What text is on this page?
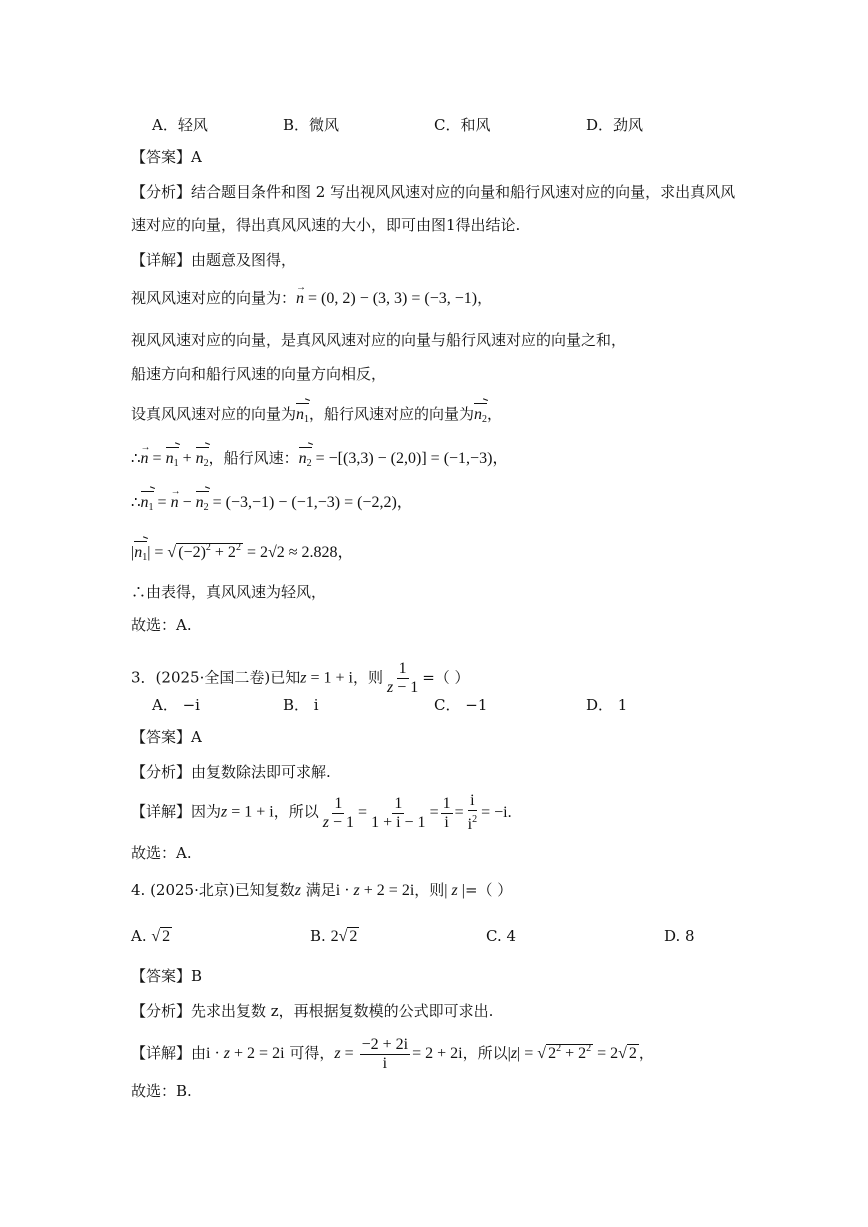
A．轻风	B．微风	C．和风	D．劲风
【答案】A
【分析】结合题目条件和图 2 写出视风风速对应的向量和船行风速对应的向量，求出真风风
速对应的向量，得出真风风速的大小，即可由图1得出结论.
【详解】由题意及图得，
视风风速对应的向量为：→ n = (0, 2) − (3, 3) = (−3, −1)，
视风风速对应的向量，是真风风速对应的向量与船行风速对应的向量之和，
船速方向和船行风速的向量方向相反，
设真风风速对应的向量为$n_1$，船行风速对应的向量为$n_2$，
∴→ $n = n_1 + n_2$，船行风速：$n_2 = -[(3,3) - (2,0)] = (-1,-3)$，
$\therefore n_1$ = → $n - n_2 = (-3,-1) - (-1,-3) = (-2,2)$，
$|n_1|$ = √ $(-2)^2 + 2^2 = 2√2 \approx 2.828$，
∴由表得，真风风速为轻风，
故选：A.
3．(2025·全国二卷)已知z = 1 + i，则 $\frac{1}{z - 1}$ =（ ）
A． −i	B． i	C． −1	D． 1
【答案】A
【分析】由复数除法即可求解.
【详解】因为z = 1 + i，所以 $\frac{1}{z - 1} = \frac{1}{1 + i - 1} = \frac{1}{i} = \frac{i}{i^2} = -i$.
故选：A.
4. (2025·北京)已知复数z 满足i · z + 2 = 2i，则| z |=（ ）
A. √ 2	B. 2√ 2	C. 4	D. 8
【答案】B
【分析】先求出复数 z，再根据复数模的公式即可求出.
【详解】由i · z + 2 = 2i 可得，$z = \frac{-2 + 2i}{i} = 2 + 2i$，所以|z| = √ $2^2 + 2^2 = 2√$ 2 ，
故选：B.
